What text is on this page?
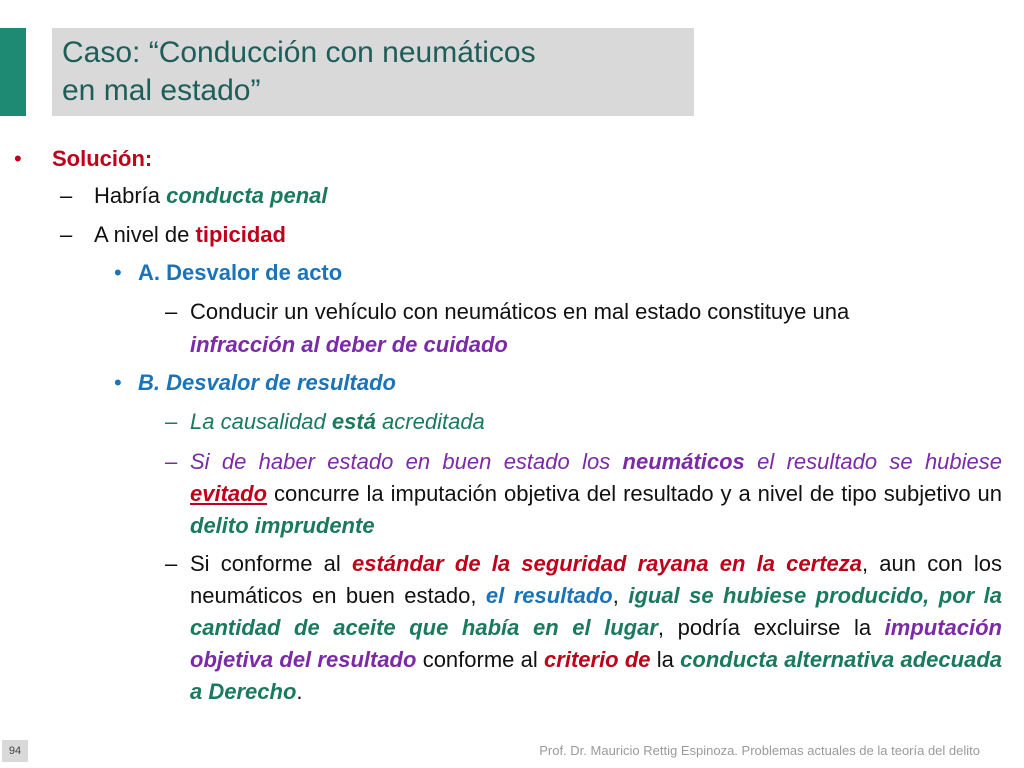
Caso: “Conducción con neumáticos
en mal estado”
• Solución:
– Habría conducta penal
– A nivel de tipicidad
• A. Desvalor de acto
– Conducir un vehículo con neumáticos en mal estado constituye una
infracción al deber de cuidado
• B. Desvalor de resultado
– La causalidad está acreditada
– Si de haber estado en buen estado los neumáticos el resultado se hubiese evitado concurre la imputación objetiva del resultado y a nivel de tipo subjetivo un delito imprudente
– Si conforme al estándar de la seguridad rayana en la certeza, aun con los neumáticos en buen estado, el resultado, igual se hubiese producido, por la cantidad de aceite que había en el lugar, podría excluirse la imputación objetiva del resultado conforme al criterio de la conducta alternativa adecuada a Derecho.
94	Prof. Dr. Mauricio Rettig Espinoza. Problemas actuales de la teoría del delito
